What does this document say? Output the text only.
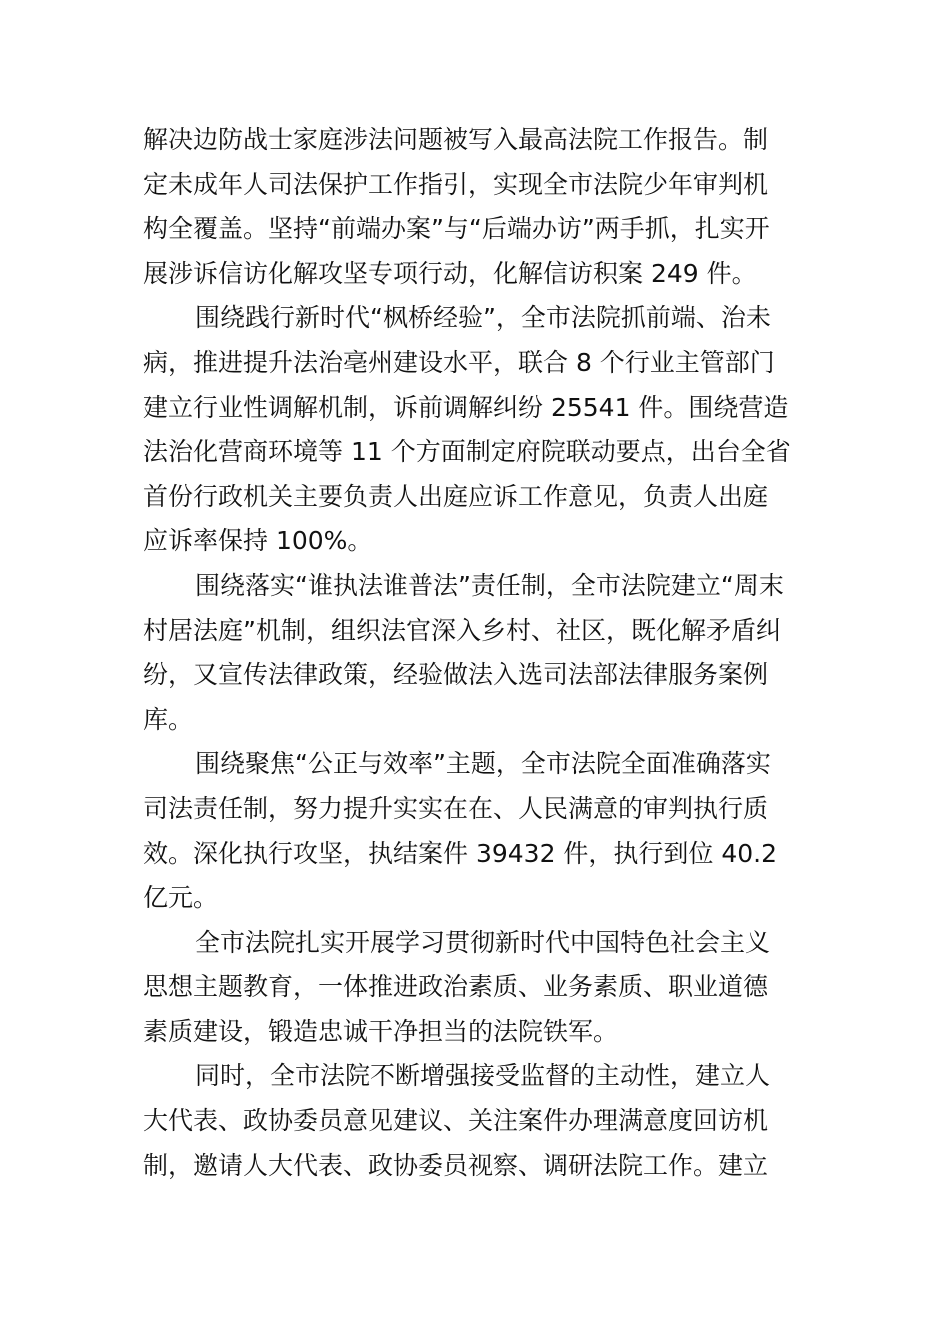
解决边防战士家庭涉法问题被写入最高法院工作报告。制
定未成年人司法保护工作指引，实现全市法院少年审判机
构全覆盖。坚持“前端办案”与“后端办访”两手抓，扎实开
展涉诉信访化解攻坚专项行动，化解信访积案 249 件。
围绕践行新时代“枫桥经验”，全市法院抓前端、治未
病，推进提升法治亳州建设水平，联合 8 个行业主管部门
建立行业性调解机制，诉前调解纠纷 25541 件。围绕营造
法治化营商环境等 11 个方面制定府院联动要点，出台全省
首份行政机关主要负责人出庭应诉工作意见，负责人出庭
应诉率保持 100%。
围绕落实“谁执法谁普法”责任制，全市法院建立“周末
村居法庭”机制，组织法官深入乡村、社区，既化解矛盾纠
纷，又宣传法律政策，经验做法入选司法部法律服务案例
库。
围绕聚焦“公正与效率”主题，全市法院全面准确落实
司法责任制，努力提升实实在在、人民满意的审判执行质
效。深化执行攻坚，执结案件 39432 件，执行到位 40.2
亿元。
全市法院扎实开展学习贯彻新时代中国特色社会主义
思想主题教育，一体推进政治素质、业务素质、职业道德
素质建设，锻造忠诚干净担当的法院铁军。
同时，全市法院不断增强接受监督的主动性，建立人
大代表、政协委员意见建议、关注案件办理满意度回访机
制，邀请人大代表、政协委员视察、调研法院工作。建立
